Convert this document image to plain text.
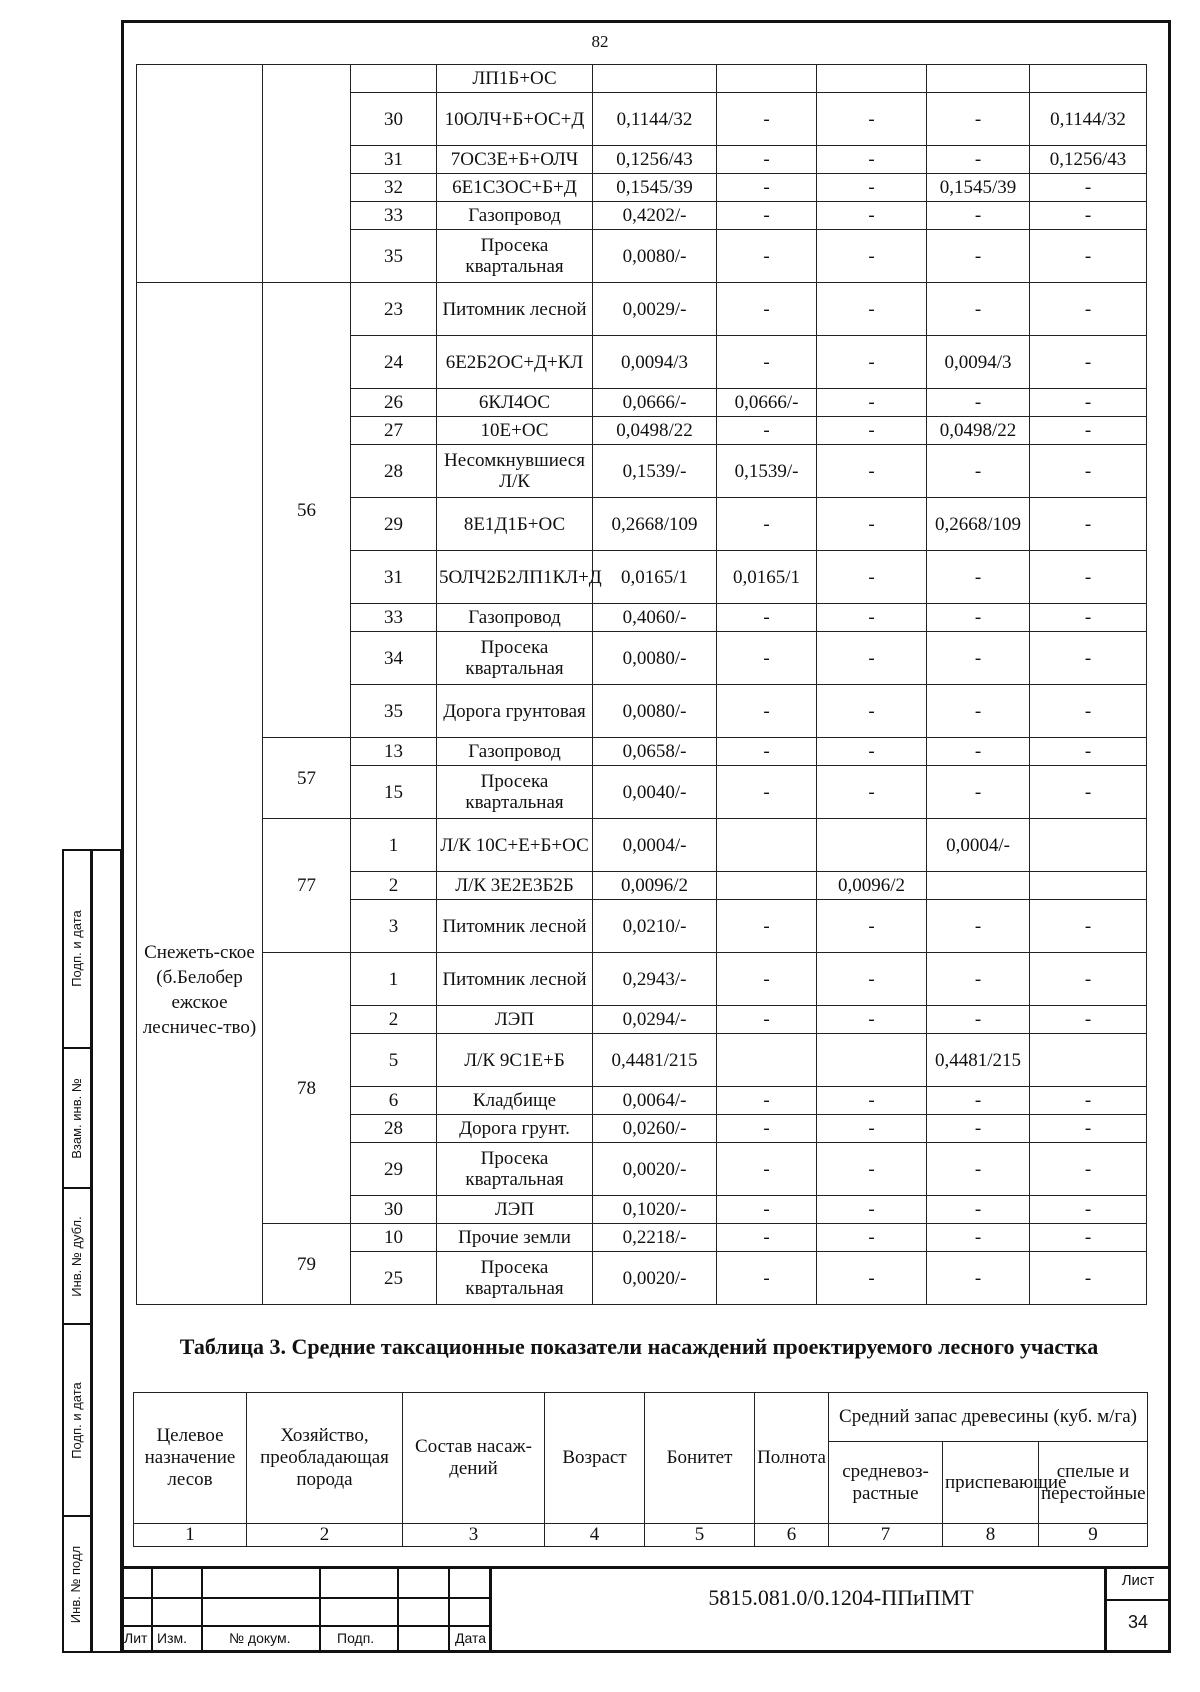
82
			ЛП1Б+ОС					
		30	10ОЛЧ+Б+ОС+Д	0,1144/32	-	-	-	0,1144/32
		31	7ОС3Е+Б+ОЛЧ	0,1256/43	-	-	-	0,1256/43
		32	6Е1С3ОС+Б+Д	0,1545/39	-	-	0,1545/39	-
		33	Газопровод	0,4202/-	-	-	-	-
		35	Просека квартальная	0,0080/-	-	-	-	-
Снежеть-ское (б.Белобер ежское лесничес-тво)	56	23	Питомник лесной	0,0029/-	-	-	-	-
		24	6Е2Б2ОС+Д+КЛ	0,0094/3	-	-	0,0094/3	-
		26	6КЛ4ОС	0,0666/-	0,0666/-	-	-	-
		27	10Е+ОС	0,0498/22	-	-	0,0498/22	-
		28	Несомкнувшиеся Л/К	0,1539/-	0,1539/-	-	-	-
		29	8Е1Д1Б+ОС	0,2668/109	-	-	0,2668/109	-
		31	5ОЛЧ2Б2ЛП1КЛ+Д	0,0165/1	0,0165/1	-	-	-
		33	Газопровод	0,4060/-	-	-	-	-
		34	Просека квартальная	0,0080/-	-	-	-	-
		35	Дорога грунтовая	0,0080/-	-	-	-	-
	57	13	Газопровод	0,0658/-	-	-	-	-
		15	Просека квартальная	0,0040/-	-	-	-	-
	77	1	Л/К 10С+Е+Б+ОС	0,0004/-			0,0004/-	
		2	Л/К 3Е2Е3Б2Б	0,0096/2		0,0096/2		
		3	Питомник лесной	0,0210/-	-	-	-	-
	78	1	Питомник лесной	0,2943/-	-	-	-	-
		2	ЛЭП	0,0294/-	-	-	-	-
		5	Л/К 9С1Е+Б	0,4481/215			0,4481/215	
		6	Кладбище	0,0064/-	-	-	-	-
		28	Дорога грунт.	0,0260/-	-	-	-	-
		29	Просека квартальная	0,0020/-	-	-	-	-
		30	ЛЭП	0,1020/-	-	-	-	-
	79	10	Прочие земли	0,2218/-	-	-	-	-
		25	Просека квартальная	0,0020/-	-	-	-	-
Таблица 3. Средние таксационные показатели насаждений проектируемого лесного участка
Целевое назначение лесов	Хозяйство, преобладающая порода	Состав насаж-дений	Возраст	Бонитет	Полнота	Средний запас древесины (куб. м/га)		
						средневоз-растные	приспевающие	спелые и перестойные
1	2	3	4	5	6	7	8	9
Подп. и дата
Взам. инв. №
Инв. № дубл.
Подп. и дата
Инв. № подл
Лит Изм.	№ докум.	Подп.	Дата
5815.081.0/0.1204-ППиПМТ
Лист
34
